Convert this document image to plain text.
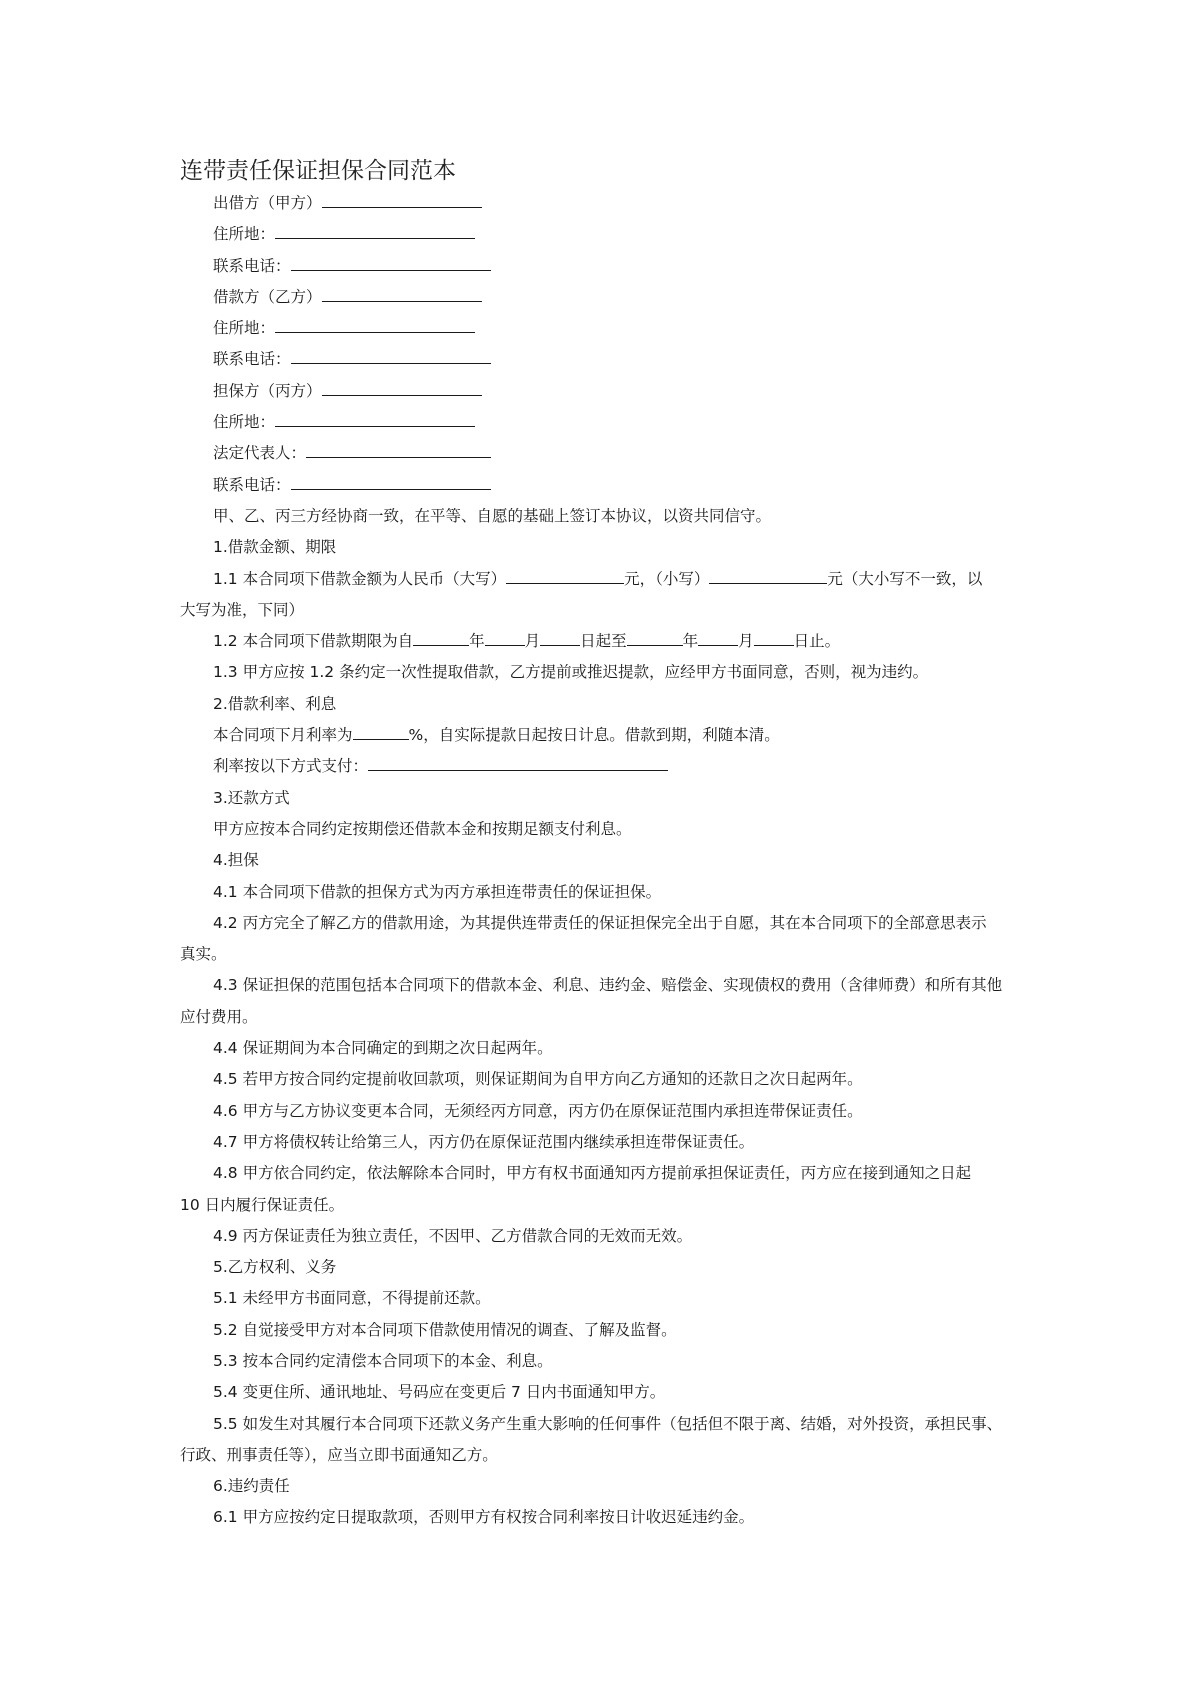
连带责任保证担保合同范本
出借方（甲方）
住所地：
联系电话：
借款方（乙方）
住所地：
联系电话：
担保方（丙方）
住所地：
法定代表人：
联系电话：
甲、乙、丙三方经协商一致，在平等、自愿的基础上签订本协议，以资共同信守。
1.借款金额、期限
1.1 本合同项下借款金额为人民币（大写）	元，（小写）	元（大小写不一致，以
大写为准，下同）
1.2 本合同项下借款期限为自	年	月	日起至	年	月	日止。
1.3 甲方应按 1.2 条约定一次性提取借款，乙方提前或推迟提款，应经甲方书面同意，否则，视为违约。
2.借款利率、利息
本合同项下月利率为	%，自实际提款日起按日计息。借款到期，利随本清。
利率按以下方式支付：
3.还款方式
甲方应按本合同约定按期偿还借款本金和按期足额支付利息。
4.担保
4.1 本合同项下借款的担保方式为丙方承担连带责任的保证担保。
4.2 丙方完全了解乙方的借款用途，为其提供连带责任的保证担保完全出于自愿，其在本合同项下的全部意思表示
真实。
4.3 保证担保的范围包括本合同项下的借款本金、利息、违约金、赔偿金、实现债权的费用（含律师费）和所有其他
应付费用。
4.4 保证期间为本合同确定的到期之次日起两年。
4.5 若甲方按合同约定提前收回款项，则保证期间为自甲方向乙方通知的还款日之次日起两年。
4.6 甲方与乙方协议变更本合同，无须经丙方同意，丙方仍在原保证范围内承担连带保证责任。
4.7 甲方将债权转让给第三人，丙方仍在原保证范围内继续承担连带保证责任。
4.8 甲方依合同约定，依法解除本合同时，甲方有权书面通知丙方提前承担保证责任，丙方应在接到通知之日起
10 日内履行保证责任。
4.9 丙方保证责任为独立责任，不因甲、乙方借款合同的无效而无效。
5.乙方权利、义务
5.1 未经甲方书面同意，不得提前还款。
5.2 自觉接受甲方对本合同项下借款使用情况的调查、了解及监督。
5.3 按本合同约定清偿本合同项下的本金、利息。
5.4 变更住所、通讯地址、号码应在变更后 7 日内书面通知甲方。
5.5 如发生对其履行本合同项下还款义务产生重大影响的任何事件（包括但不限于离、结婚，对外投资，承担民事、
行政、刑事责任等），应当立即书面通知乙方。
6.违约责任
6.1 甲方应按约定日提取款项，否则甲方有权按合同利率按日计收迟延违约金。
